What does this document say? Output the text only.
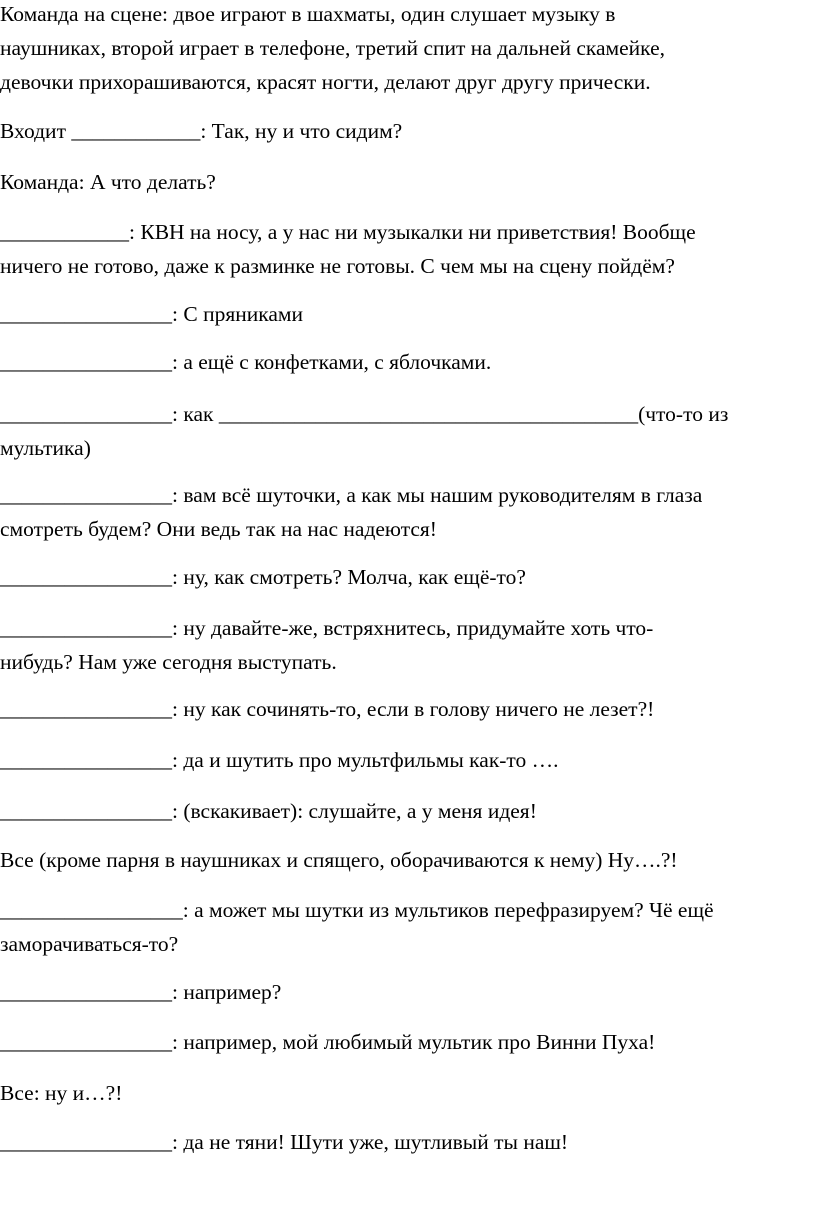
Команда на сцене: двое играют в шахматы, один слушает музыку в
наушниках, второй играет в телефоне, третий спит на дальней скамейке,
девочки прихорашиваются, красят ногти, делают друг другу прически.
Входит ____________: Так, ну и что сидим?
Команда: А что делать?
____________: КВН на носу, а у нас ни музыкалки ни приветствия! Вообще
ничего не готово, даже к разминке не готовы. С чем мы на сцену пойдём?
________________: С пряниками
________________: а ещё с конфетками, с яблочками.
________________: как _______________________________________(что-то из
мультика)
________________: вам всё шуточки, а как мы нашим руководителям в глаза
смотреть будем? Они ведь так на нас надеются!
________________: ну, как смотреть? Молча, как ещё-то?
________________: ну давайте-же, встряхнитесь, придумайте хоть что-
нибудь? Нам уже сегодня выступать.
________________: ну как сочинять-то, если в голову ничего не лезет?!
________________: да и шутить про мультфильмы как-то ….
________________: (вскакивает): слушайте, а у меня идея!
Все (кроме парня в наушниках и спящего, оборачиваются к нему) Ну….?!
_________________: а может мы шутки из мультиков перефразируем? Чё ещё
заморачиваться-то?
________________: например?
________________: например, мой любимый мультик про Винни Пуха!
Все: ну и…?!
________________: да не тяни! Шути уже, шутливый ты наш!
